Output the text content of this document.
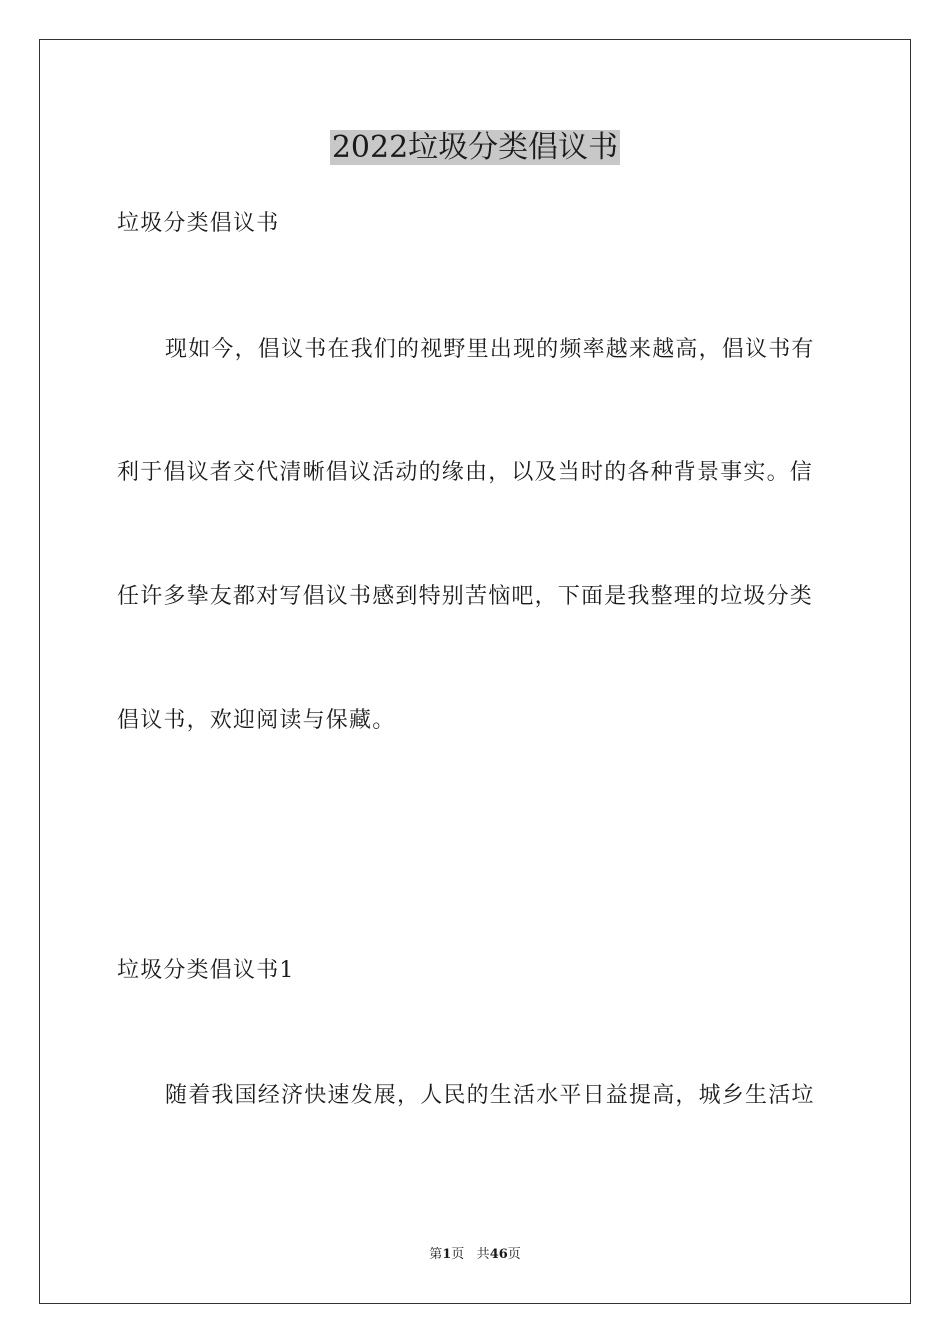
2022垃圾分类倡议书

垃圾分类倡议书

现如今，倡议书在我们的视野里出现的频率越来越高，倡议书有

利于倡议者交代清晰倡议活动的缘由，以及当时的各种背景事实。信

任许多挚友都对写倡议书感到特别苦恼吧，下面是我整理的垃圾分类

倡议书，欢迎阅读与保藏。

垃圾分类倡议书1

随着我国经济快速发展，人民的生活水平日益提高，城乡生活垃

第1页 共46页
